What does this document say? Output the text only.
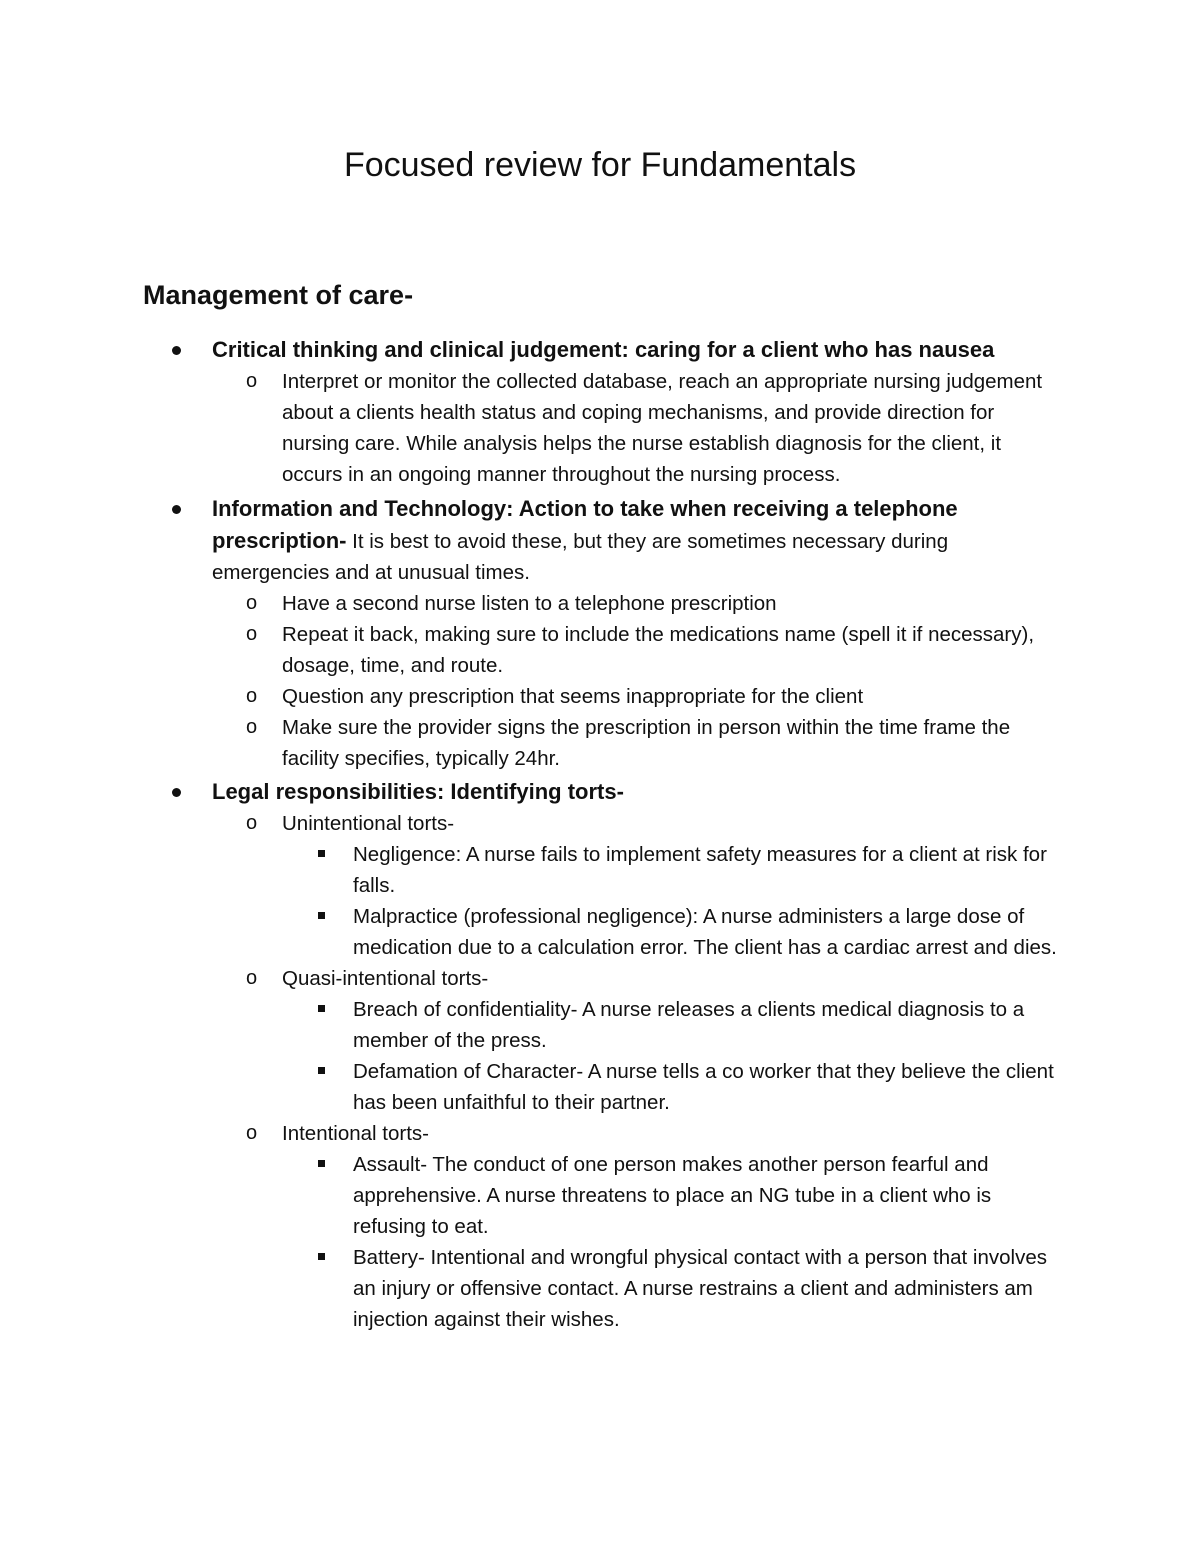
Focused review for Fundamentals
Management of care-
Critical thinking and clinical judgement: caring for a client who has nausea
o Interpret or monitor the collected database, reach an appropriate nursing judgement about a clients health status and coping mechanisms, and provide direction for nursing care. While analysis helps the nurse establish diagnosis for the client, it occurs in an ongoing manner throughout the nursing process.
Information and Technology: Action to take when receiving a telephone prescription- It is best to avoid these, but they are sometimes necessary during emergencies and at unusual times.
o Have a second nurse listen to a telephone prescription
o Repeat it back, making sure to include the medications name (spell it if necessary), dosage, time, and route.
o Question any prescription that seems inappropriate for the client
o Make sure the provider signs the prescription in person within the time frame the facility specifies, typically 24hr.
Legal responsibilities: Identifying torts-
o Unintentional torts-
Negligence: A nurse fails to implement safety measures for a client at risk for falls.
Malpractice (professional negligence): A nurse administers a large dose of medication due to a calculation error. The client has a cardiac arrest and dies.
o Quasi-intentional torts-
Breach of confidentiality- A nurse releases a clients medical diagnosis to a member of the press.
Defamation of Character- A nurse tells a co worker that they believe the client has been unfaithful to their partner.
o Intentional torts-
Assault- The conduct of one person makes another person fearful and apprehensive. A nurse threatens to place an NG tube in a client who is refusing to eat.
Battery- Intentional and wrongful physical contact with a person that involves an injury or offensive contact. A nurse restrains a client and administers am injection against their wishes.
